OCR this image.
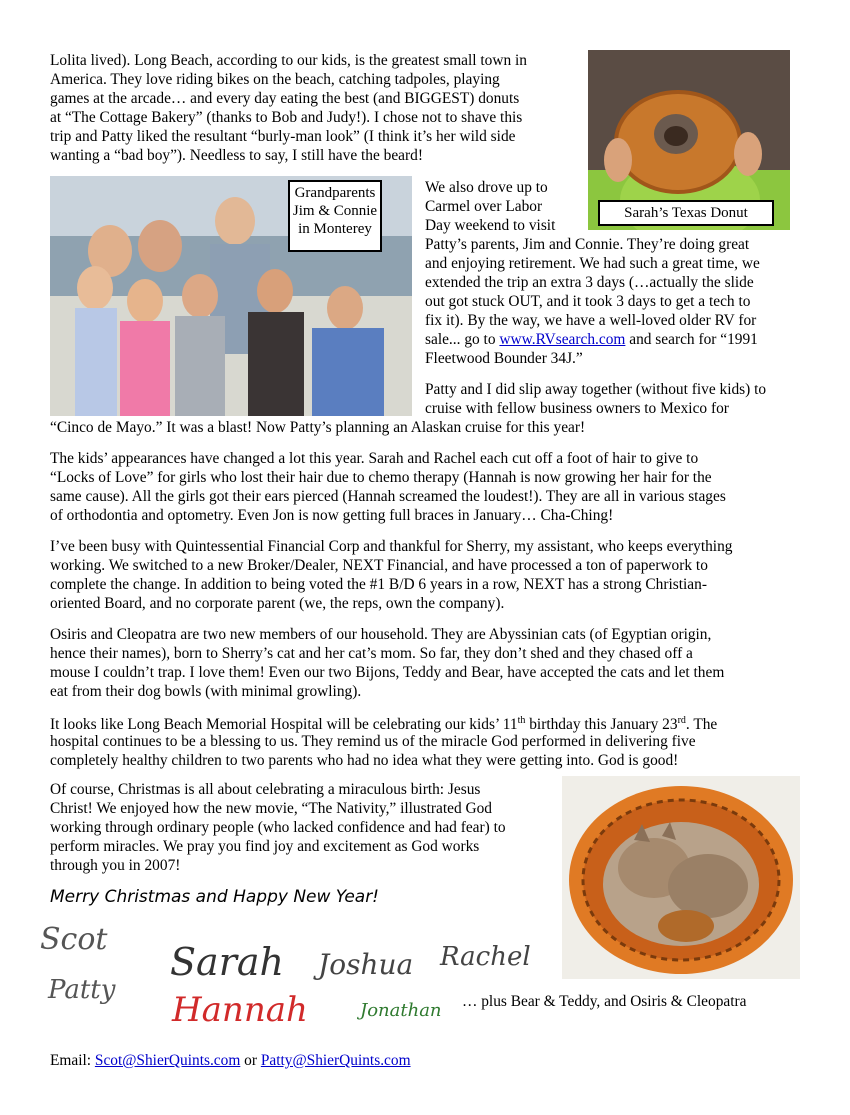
Lolita lived). Long Beach, according to our kids, is the greatest small town in

America. They love riding bikes on the beach, catching tadpoles, playing

games at the arcade… and every day eating the best (and BIGGEST) donuts

at “The Cottage Bakery” (thanks to Bob and Judy!). I chose not to shave this

trip and Patty liked the resultant “burly-man look” (I think it’s her wild side

wanting a “bad boy”). Needless to say, I still have the beard!

Sarah’s Texas Donut
Grandparents
Jim & Connie
in Monterey

We also drove up to

Carmel over Labor

Day weekend to visit

Patty’s parents, Jim and Connie. They’re doing great

and enjoying retirement. We had such a great time, we

extended the trip an extra 3 days (…actually the slide

out got stuck OUT, and it took 3 days to get a tech to

fix it). By the way, we have a well-loved older RV for

sale... go to www.RVsearch.com and search for “1991

Fleetwood Bounder 34J.”

Patty and I did slip away together (without five kids) to

cruise with fellow business owners to Mexico for

“Cinco de Mayo.” It was a blast! Now Patty’s planning an Alaskan cruise for this year!

The kids’ appearances have changed a lot this year. Sarah and Rachel each cut off a foot of hair to give to

“Locks of Love” for girls who lost their hair due to chemo therapy (Hannah is now growing her hair for the

same cause). All the girls got their ears pierced (Hannah screamed the loudest!). They are all in various stages

of orthodontia and optometry. Even Jon is now getting full braces in January… Cha-Ching!

I’ve been busy with Quintessential Financial Corp and thankful for Sherry, my assistant, who keeps everything

working. We switched to a new Broker/Dealer, NEXT Financial, and have processed a ton of paperwork to

complete the change. In addition to being voted the #1 B/D 6 years in a row, NEXT has a strong Christian-

oriented Board, and no corporate parent (we, the reps, own the company).

Osiris and Cleopatra are two new members of our household. They are Abyssinian cats (of Egyptian origin,

hence their names), born to Sherry’s cat and her cat’s mom. So far, they don’t shed and they chased off a

mouse I couldn’t trap. I love them! Even our two Bijons, Teddy and Bear, have accepted the cats and let them

eat from their dog bowls (with minimal growling).

It looks like Long Beach Memorial Hospital will be celebrating our kids’ 11th birthday this January 23rd. The

hospital continues to be a blessing to us. They remind us of the miracle God performed in delivering five

completely healthy children to two parents who had no idea what they were getting into. God is good!

Of course, Christmas is all about celebrating a miraculous birth: Jesus

Christ! We enjoyed how the new movie, “The Nativity,” illustrated God

working through ordinary people (who lacked confidence and had fear) to

perform miracles. We pray you find joy and excitement as God works

through you in 2007!

Merry Christmas and Happy New Year!
Scot
Patty
Sarah Joshua Rachel
Hannah	Jonathan … plus Bear & Teddy, and Osiris & Cleopatra

Email: Scot@ShierQuints.com or Patty@ShierQuints.com
